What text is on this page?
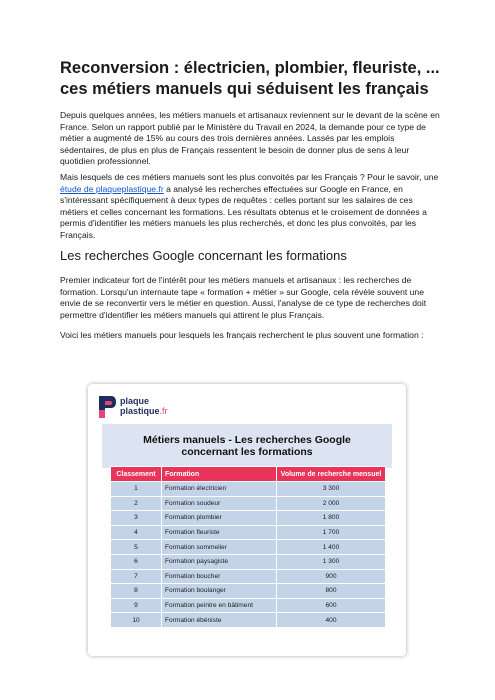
Reconversion : électricien, plombier, fleuriste, ... ces métiers manuels qui séduisent les français

Depuis quelques années, les métiers manuels et artisanaux reviennent sur le devant de la scène en France. Selon un rapport publié par le Ministère du Travail en 2024, la demande pour ce type de métier a augmenté de 15% au cours des trois dernières années. Lassés par les emplois sédentaires, de plus en plus de Français ressentent le besoin de donner plus de sens à leur quotidien professionnel.

Mais lesquels de ces métiers manuels sont les plus convoités par les Français ? Pour le savoir, une étude de plaqueplastique.fr a analysé les recherches effectuées sur Google en France, en s'intéressant spécifiquement à deux types de requêtes : celles portant sur les salaires de ces métiers et celles concernant les formations. Les résultats obtenus et le croisement de données a permis d'identifier les métiers manuels les plus recherchés, et donc les plus convoités, par les Français.

Les recherches Google concernant les formations

Premier indicateur fort de l'intérêt pour les métiers manuels et artisanaux : les recherches de formation. Lorsqu'un internaute tape « formation + métier » sur Google, cela révèle souvent une envie de se reconvertir vers le métier en question. Aussi, l'analyse de ce type de recherches doit permettre d'identifier les métiers manuels qui attirent le plus Français.

Voici les métiers manuels pour lesquels les français recherchent le plus souvent une formation :

plaque
plastique.fr
Métiers manuels - Les recherches Google concernant les formations
Classement	Formation	Volume de recherche mensuel
1	Formation électricien	3 300
2	Formation soudeur	2 000
3	Formation plombier	1 800
4	Formation fleuriste	1 700
5	Formation sommelier	1 400
6	Formation paysagiste	1 300
7	Formation boucher	900
8	Formation boulanger	800
9	Formation peintre en bâtiment	600
10	Formation ébéniste	400
